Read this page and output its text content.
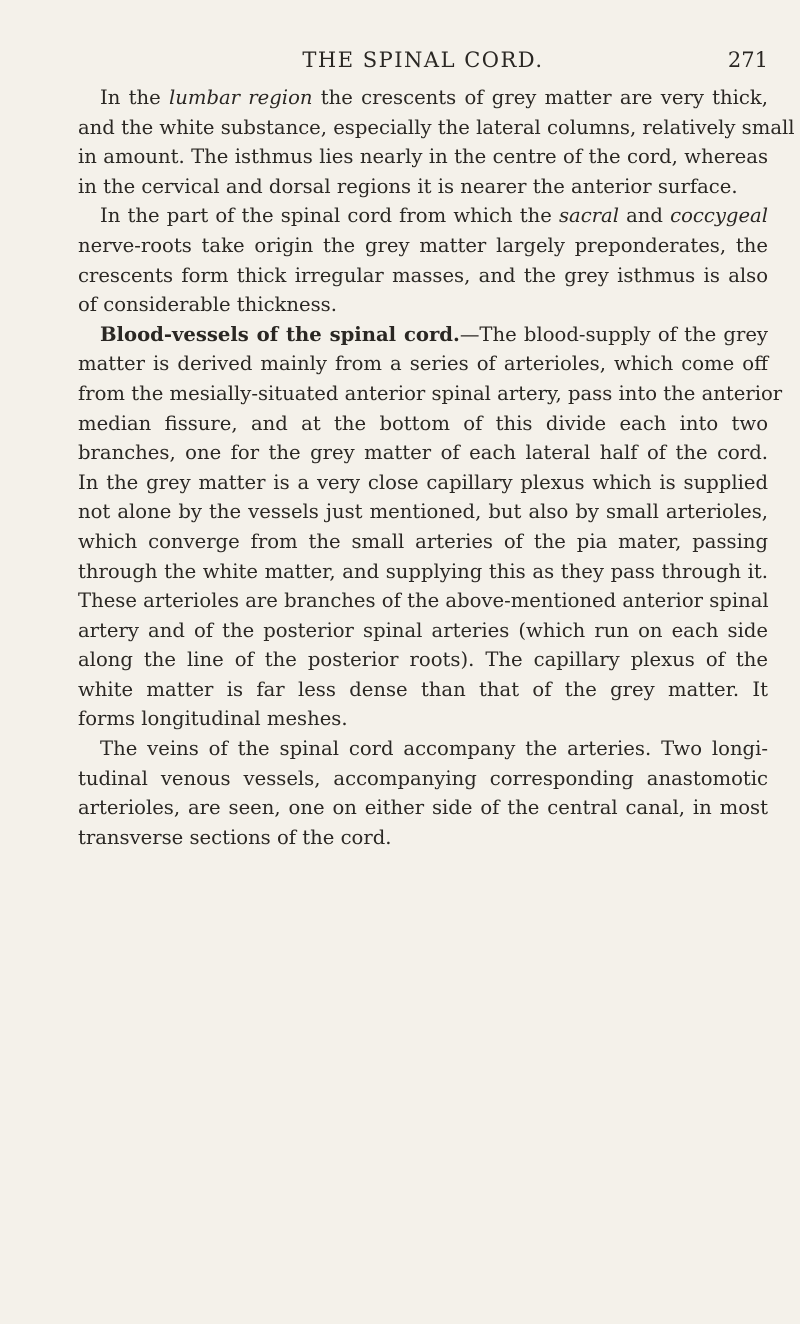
THE SPINAL CORD.	271
In the lumbar region the crescents of grey matter are very thick,
and the white substance, especially the lateral columns, relatively small
in amount. The isthmus lies nearly in the centre of the cord, whereas
in the cervical and dorsal regions it is nearer the anterior surface.
In the part of the spinal cord from which the sacral and coccygeal
nerve-roots take origin the grey matter largely preponderates, the
crescents form thick irregular masses, and the grey isthmus is also
of considerable thickness.
Blood-vessels of the spinal cord.—The blood-supply of the grey
matter is derived mainly from a series of arterioles, which come off
from the mesially-situated anterior spinal artery, pass into the anterior
median fissure, and at the bottom of this divide each into two
branches, one for the grey matter of each lateral half of the cord.
In the grey matter is a very close capillary plexus which is supplied
not alone by the vessels just mentioned, but also by small arterioles,
which converge from the small arteries of the pia mater, passing
through the white matter, and supplying this as they pass through it.
These arterioles are branches of the above-mentioned anterior spinal
artery and of the posterior spinal arteries (which run on each side
along the line of the posterior roots). The capillary plexus of the
white matter is far less dense than that of the grey matter. It
forms longitudinal meshes.
The veins of the spinal cord accompany the arteries. Two longi-
tudinal venous vessels, accompanying corresponding anastomotic
arterioles, are seen, one on either side of the central canal, in most
transverse sections of the cord.
